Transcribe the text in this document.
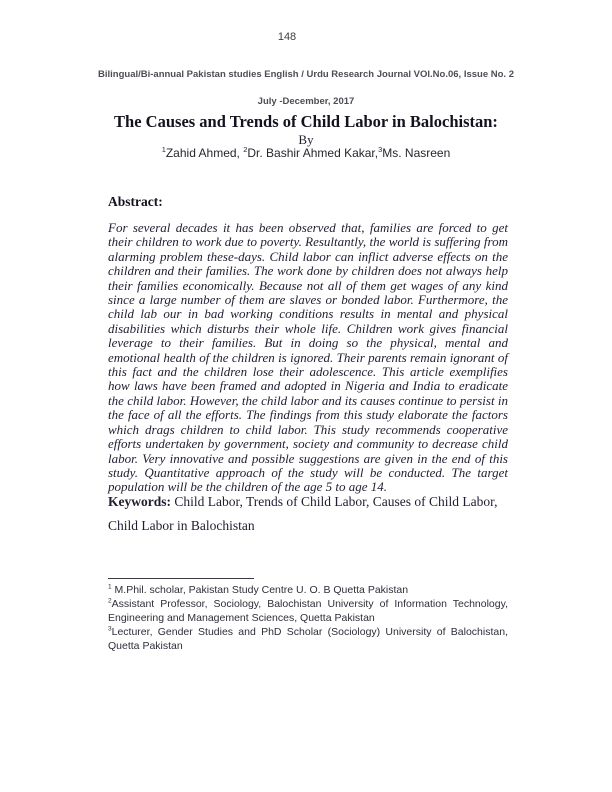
148
Bilingual/Bi-annual Pakistan studies English / Urdu Research Journal VOl.No.06, Issue No. 2
July -December, 2017
The Causes and Trends of Child Labor in Balochistan:
By
$^1$Zahid Ahmed, $^2$Dr. Bashir Ahmed Kakar,$^3$Ms. Nasreen
Abstract:

For several decades it has been observed that, families are forced to get their children to work due to poverty. Resultantly, the world is suffering from alarming problem these-days. Child labor can inflict adverse effects on the children and their families. The work done by children does not always help their families economically. Because not all of them get wages of any kind since a large number of them are slaves or bonded labor. Furthermore, the child lab our in bad working conditions results in mental and physical disabilities which disturbs their whole life. Children work gives financial leverage to their families. But in doing so the physical, mental and emotional health of the children is ignored. Their parents remain ignorant of this fact and the children lose their adolescence. This article exemplifies how laws have been framed and adopted in Nigeria and India to eradicate the child labor. However, the child labor and its causes continue to persist in the face of all the efforts. The findings from this study elaborate the factors which drags children to child labor. This study recommends cooperative efforts undertaken by government, society and community to decrease child labor. Very innovative and possible suggestions are given in the end of this study. Quantitative approach of the study will be conducted. The target population will be the children of the age 5 to age 14.

Keywords: Child Labor, Trends of Child Labor, Causes of Child Labor,

Child Labor in Balochistan

$^1$ M.Phil. scholar, Pakistan Study Centre U. O. B Quetta Pakistan

$^2$Assistant Professor, Sociology, Balochistan University of Information Technology, Engineering and Management Sciences, Quetta Pakistan

$^3$Lecturer, Gender Studies and PhD Scholar (Sociology) University of Balochistan, Quetta Pakistan
